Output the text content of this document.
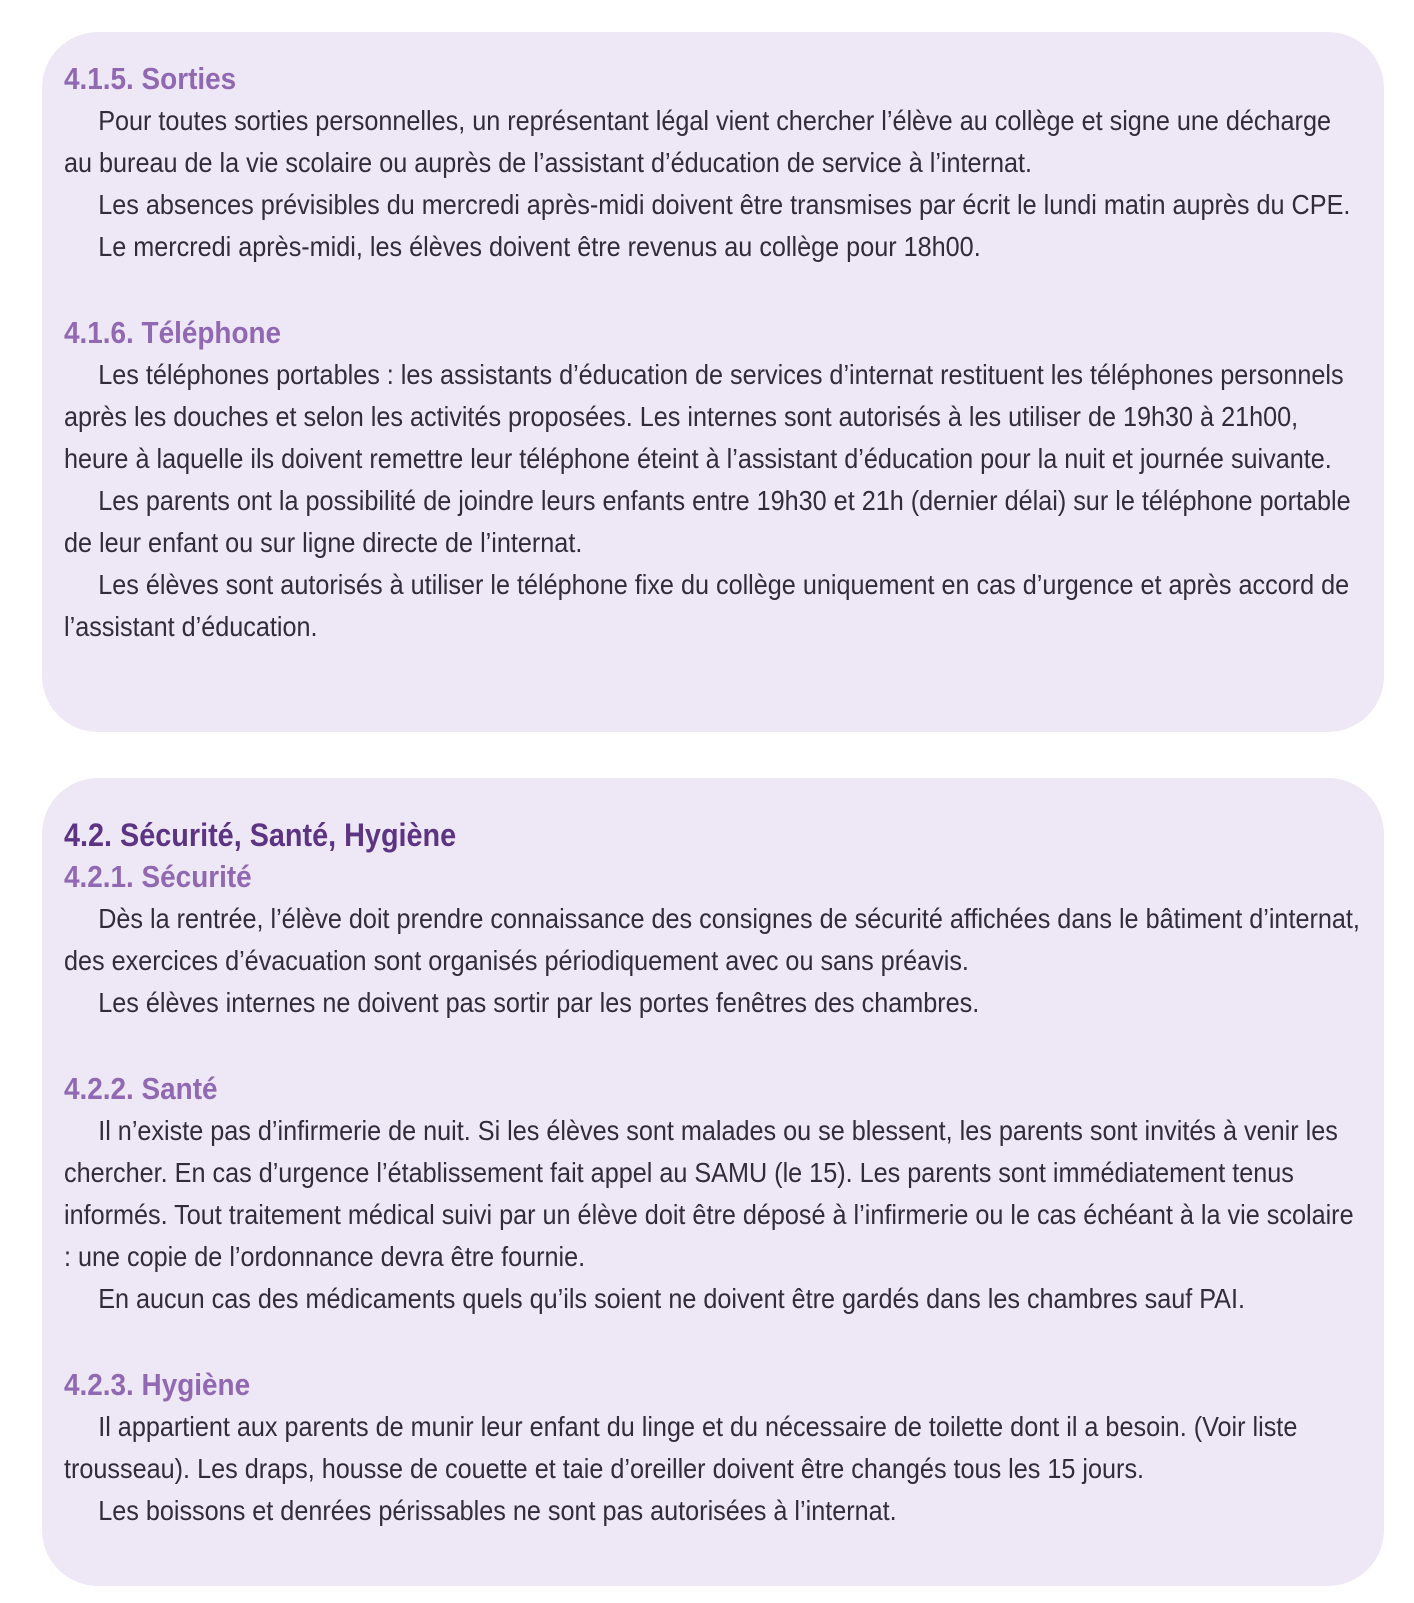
4.1.5. Sorties

Pour toutes sorties personnelles, un représentant légal vient chercher l’élève au collège et signe une décharge au bureau de la vie scolaire ou auprès de l’assistant d’éducation de service à l’internat.

Les absences prévisibles du mercredi après-midi doivent être transmises par écrit le lundi matin auprès du CPE.

Le mercredi après-midi, les élèves doivent être revenus au collège pour 18h00.

4.1.6. Téléphone

Les téléphones portables : les assistants d’éducation de services d’internat restituent les téléphones personnels après les douches et selon les activités proposées. Les internes sont autorisés à les utiliser de 19h30 à 21h00, heure à laquelle ils doivent remettre leur téléphone éteint à l’assistant d’éducation pour la nuit et journée suivante.

Les parents ont la possibilité de joindre leurs enfants entre 19h30 et 21h (dernier délai) sur le téléphone portable de leur enfant ou sur ligne directe de l’internat.

Les élèves sont autorisés à utiliser le téléphone fixe du collège uniquement en cas d’urgence et après accord de l’assistant d’éducation.

4.2. Sécurité, Santé, Hygiène
4.2.1. Sécurité

Dès la rentrée, l’élève doit prendre connaissance des consignes de sécurité affichées dans le bâtiment d’internat, des exercices d’évacuation sont organisés périodiquement avec ou sans préavis.

Les élèves internes ne doivent pas sortir par les portes fenêtres des chambres.

4.2.2. Santé

Il n’existe pas d’infirmerie de nuit. Si les élèves sont malades ou se blessent, les parents sont invités à venir les chercher. En cas d’urgence l’établissement fait appel au SAMU (le 15). Les parents sont immédiatement tenus informés. Tout traitement médical suivi par un élève doit être déposé à l’infirmerie ou le cas échéant à la vie scolaire : une copie de l’ordonnance devra être fournie.

En aucun cas des médicaments quels qu’ils soient ne doivent être gardés dans les chambres sauf PAI.

4.2.3. Hygiène

Il appartient aux parents de munir leur enfant du linge et du nécessaire de toilette dont il a besoin. (Voir liste trousseau). Les draps, housse de couette et taie d’oreiller doivent être changés tous les 15 jours.

Les boissons et denrées périssables ne sont pas autorisées à l’internat.
